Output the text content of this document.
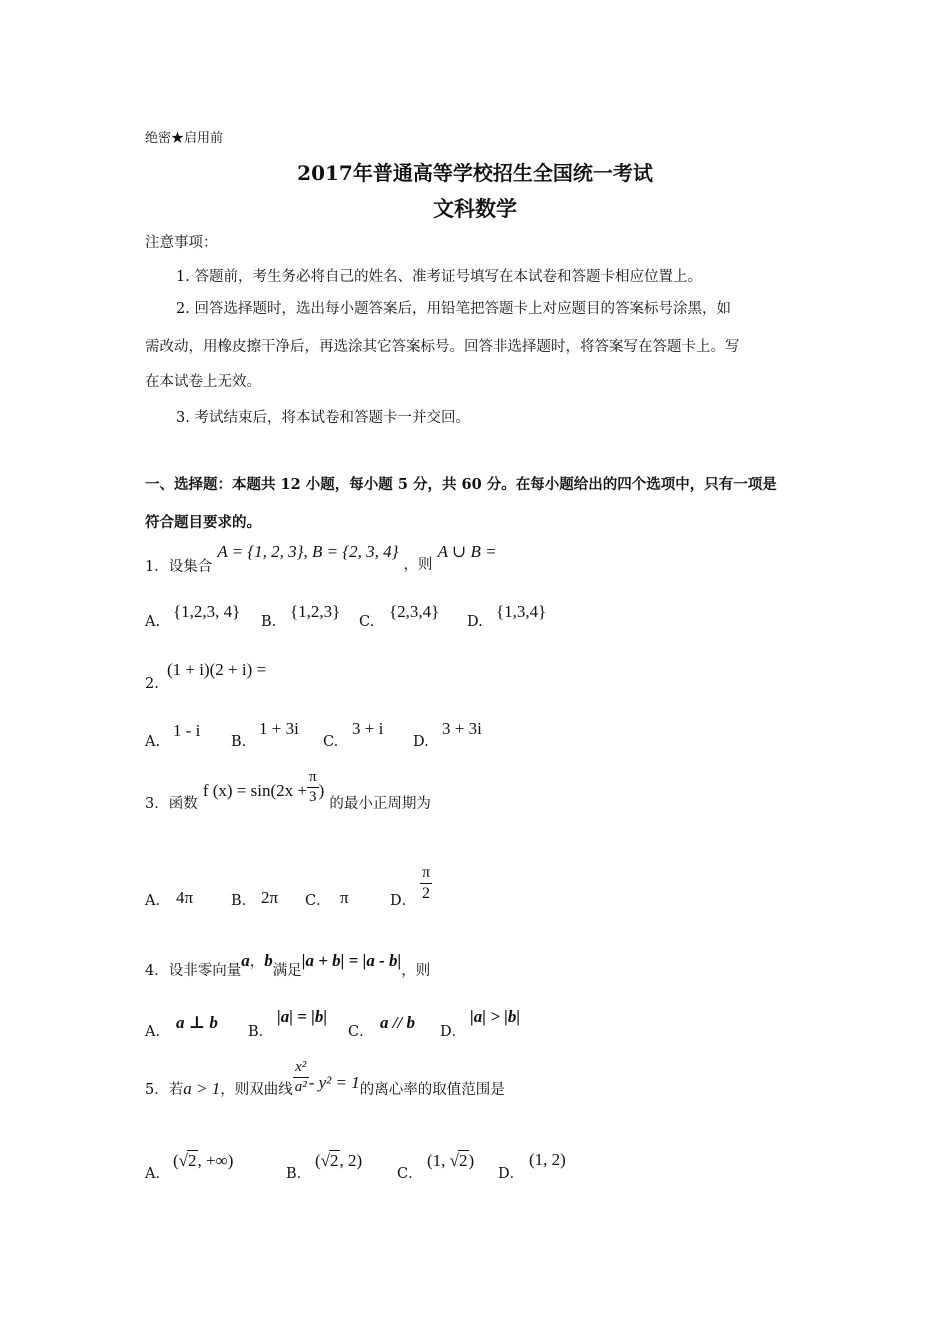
绝密★启用前
2017年普通高等学校招生全国统一考试
文科数学
注意事项：
1. 答题前，考生务必将自己的姓名、准考证号填写在本试卷和答题卡相应位置上。
2. 回答选择题时，选出每小题答案后，用铅笔把答题卡上对应题目的答案标号涂黑，如
需改动，用橡皮擦干净后，再选涂其它答案标号。回答非选择题时，将答案写在答题卡上。写
在本试卷上无效。
3. 考试结束后，将本试卷和答题卡一并交回。
一、选择题：本题共 12 小题，每小题 5 分，共 60 分。在每小题给出的四个选项中，只有一项是
符合题目要求的。
1．设集合 A = {1, 2, 3}, B = {2, 3, 4} ，则 A ∪ B =
A.
{1,2,3, 4}
B.
{1,2,3}
C.
{2,3,4}
D.
{1,3,4}
2.
(1 + i)(2 + i) =
A.
1 - i
B.
1 + 3i
C.
3 + i
D.
3 + 3i
3．函数 f $(x) = \sin(2x + \frac{\pi}{3}$ ) 的最小正周期为
A． 4π	B． 2π C． π	D． $\frac{\pi}{2}$
4．设非零向量a，b满足|a + b| = |a - b|，则
A． a ⊥ b B．
|a| = |b|
C． a // b D．
|a| > |b|
5．若a > 1，则双曲线 $\frac{\text{x²}}{\text{a²}} - y^2 = 1$的离心率的取值范围是
A．
(√2, +∞)
B．
(√2, 2)
C．
(1, √2)
D．
(1, 2)
